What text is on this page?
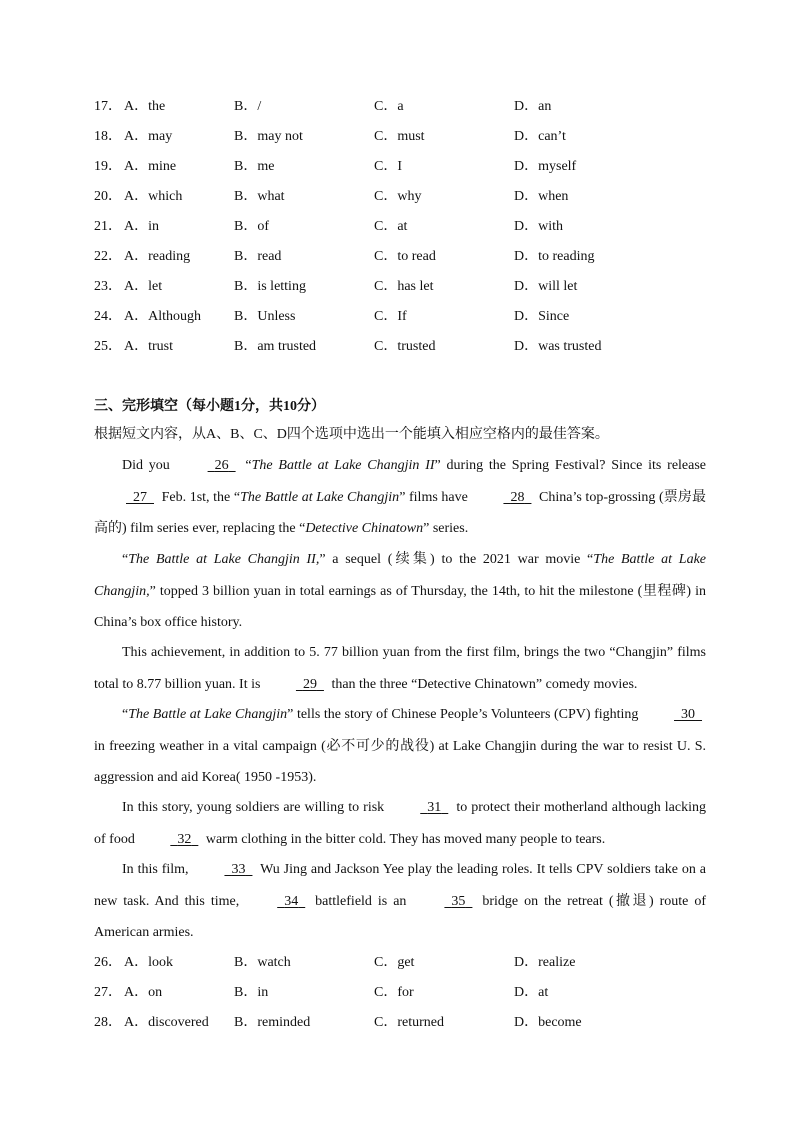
17． A．the	B．/	C．a	D．an
18． A．may	B．may not	C．must	D．can’t
19． A．mine	B．me	C．I	D．myself
20． A．which	B．what	C．why	D．when
21． A．in	B．of	C．at	D．with
22． A．reading	B．read	C．to read	D．to reading
23． A．let	B．is letting	C．has let	D．will let
24． A．Although B．Unless	C．If	D．Since
25． A．trust	B．am trusted	C．trusted	D．was trusted
三、完形填空（每小题1分，共10分）
根据短文内容，从A、B、C、D四个选项中选出一个能填入相应空格内的最佳答案。
Did you	26 “The Battle at Lake Changjin II” during the Spring Festival? Since its release 27 Feb. 1st, the “The Battle at Lake Changjin” films have	28 China’s top-grossing (票房最高的) film series ever, replacing the “Detective Chinatown” series.
“The Battle at Lake Changjin II,” a sequel (续集) to the 2021 war movie “The Battle at Lake Changjin,” topped 3 billion yuan in total earnings as of Thursday, the 14th, to hit the milestone (里程碑) in China’s box office history.
This achievement, in addition to 5. 77 billion yuan from the first film, brings the two “Changjin” films total to 8.77 billion yuan. It is	29 than the three “Detective Chinatown” comedy movies.
“The Battle at Lake Changjin” tells the story of Chinese People’s Volunteers (CPV) fighting	30 in freezing weather in a vital campaign (必不可少的战役) at Lake Changjin during the war to resist U. S. aggression and aid Korea( 1950 -1953).
In this story, young soldiers are willing to risk	31 to protect their motherland although lacking of food	32 warm clothing in the bitter cold. They has moved many people to tears.
In this film,	33 Wu Jing and Jackson Yee play the leading roles. It tells CPV soldiers take on a new task. And this time,	34 battlefield is an	35 bridge on the retreat (撤退) route of American armies.
26． A．look	B．watch	C．get	D．realize
27． A．on	B．in	C．for	D．at
28． A．discovered B．reminded	C．returned	D．become
